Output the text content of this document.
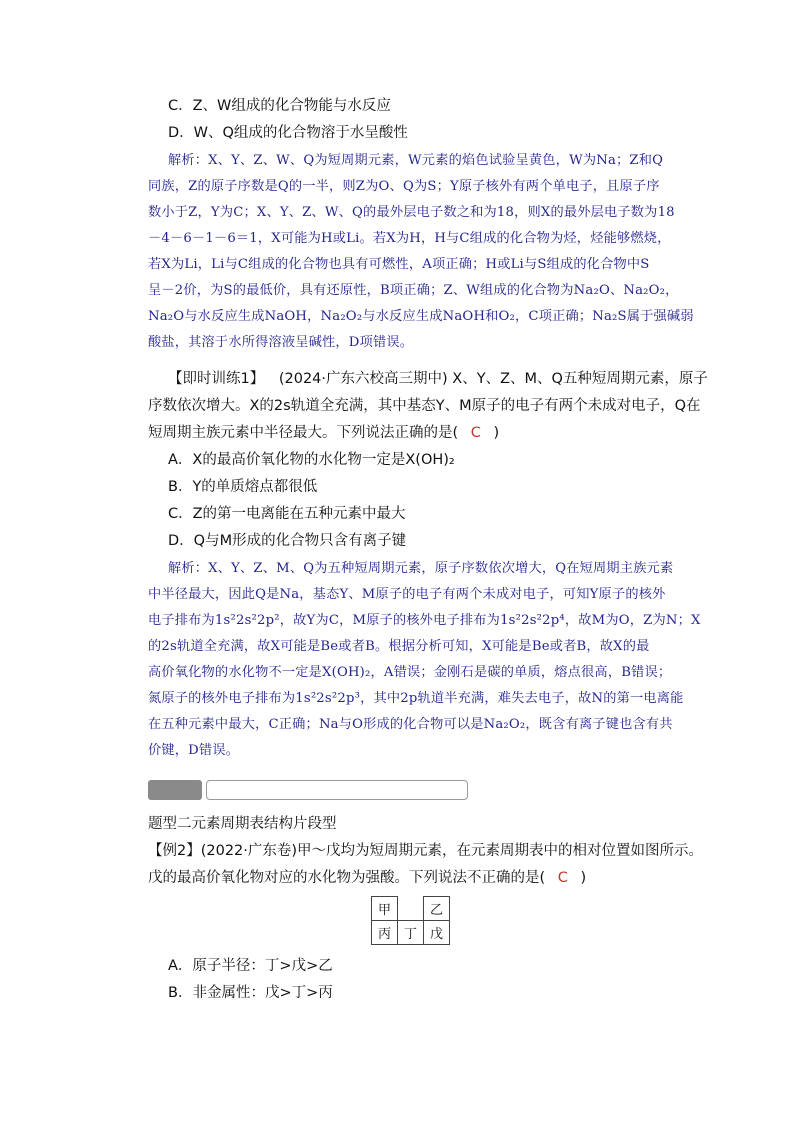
C．Z、W组成的化合物能与水反应
D．W、Q组成的化合物溶于水呈酸性
解析：X、Y、Z、W、Q为短周期元素，W元素的焰色试验呈黄色，W为Na；Z和Q
同族，Z的原子序数是Q的一半，则Z为O、Q为S；Y原子核外有两个单电子，且原子序
数小于Z，Y为C；X、Y、Z、W、Q的最外层电子数之和为18，则X的最外层电子数为18
－4－6－1－6＝1，X可能为H或Li。若X为H，H与C组成的化合物为烃，烃能够燃烧，
若X为Li，Li与C组成的化合物也具有可燃性，A项正确；H或Li与S组成的化合物中S
呈－2价，为S的最低价，具有还原性，B项正确；Z、W组成的化合物为Na₂O、Na₂O₂，
Na₂O与水反应生成NaOH，Na₂O₂与水反应生成NaOH和O₂，C项正确；Na₂S属于强碱弱
酸盐，其溶于水所得溶液呈碱性，D项错误。
【即时训练1】 (2024·广东六校高三期中) X、Y、Z、M、Q五种短周期元素，原子
序数依次增大。X的2s轨道全充满，其中基态Y、M原子的电子有两个未成对电子，Q在
短周期主族元素中半径最大。下列说法正确的是( C )
A．X的最高价氧化物的水化物一定是X(OH)₂
B．Y的单质熔点都很低
C．Z的第一电离能在五种元素中最大
D．Q与M形成的化合物只含有离子键
解析：X、Y、Z、M、Q为五种短周期元素，原子序数依次增大，Q在短周期主族元素
中半径最大，因此Q是Na，基态Y、M原子的电子有两个未成对电子，可知Y原子的核外
电子排布为1s²2s²2p²，故Y为C，M原子的核外电子排布为1s²2s²2p⁴，故M为O，Z为N；X
的2s轨道全充满，故X可能是Be或者B。根据分析可知，X可能是Be或者B，故X的最
高价氧化物的水化物不一定是X(OH)₂，A错误；金刚石是碳的单质，熔点很高，B错误；
氮原子的核外电子排布为1s²2s²2p³，其中2p轨道半充满，难失去电子，故N的第一电离能
在五种元素中最大，C正确；Na与O形成的化合物可以是Na₂O₂，既含有离子键也含有共
价键，D错误。
题型二元素周期表结构片段型
【例2】(2022·广东卷)甲～戊均为短周期元素，在元素周期表中的相对位置如图所示。
戊的最高价氧化物对应的水化物为强酸。下列说法不正确的是( C )
甲		乙
丙	丁	戊
A．原子半径：丁>戊>乙
B．非金属性：戊>丁>丙
